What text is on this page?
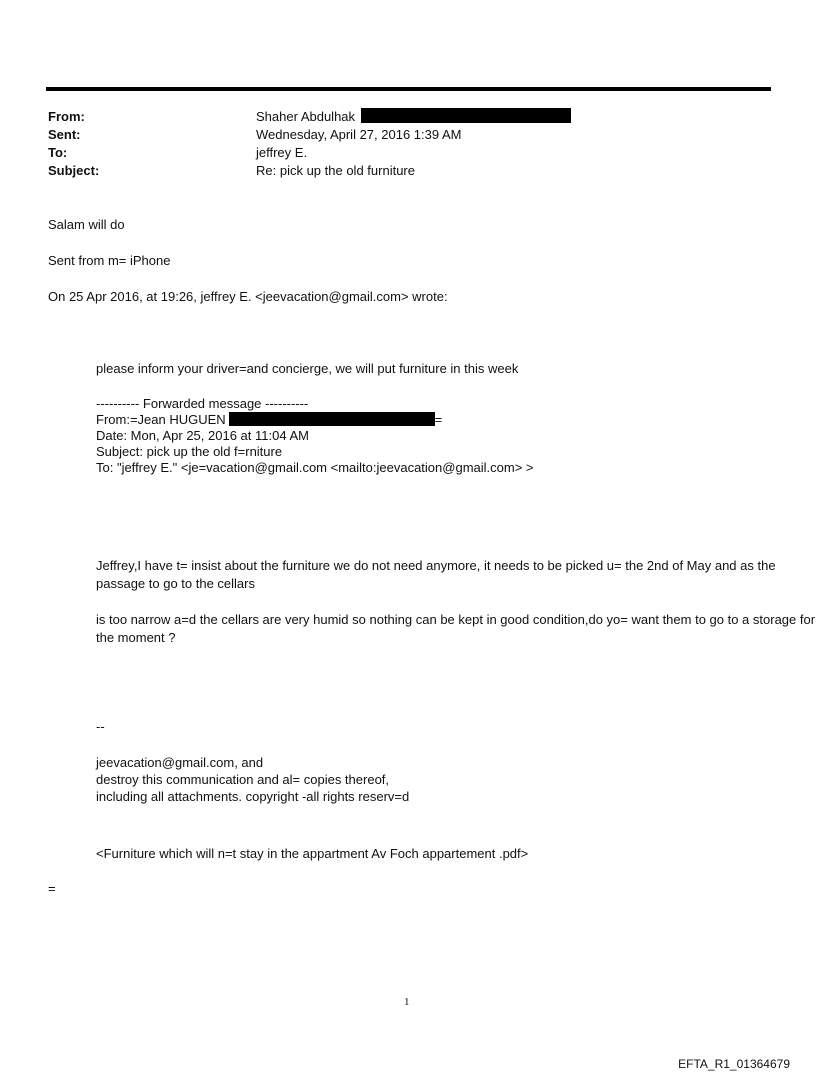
From:	Shaher Abdulhak
Sent:	Wednesday, April 27, 2016 1:39 AM
To:	jeffrey E.
Subject:	Re: pick up the old furniture
Salam will do
Sent from m= iPhone
On 25 Apr 2016, at 19:26, jeffrey E. <jeevacation@gmail.com> wrote:
please inform your driver=and concierge, we will put furniture in this week
---------- Forwarded message ----------
From:=Jean HUGUEN	=
Date: Mon, Apr 25, 2016 at 11:04 AM
Subject: pick up the old f=rniture
To: "jeffrey E." <je=vacation@gmail.com <mailto:jeevacation@gmail.com> >
Jeffrey,I have t= insist about the furniture we do not need anymore, it needs to be picked u= the 2nd of May and as the passage to go to the cellars
is too narrow a=d the cellars are very humid so nothing can be kept in good condition,do yo= want them to go to a storage for the moment ?
--
jeevacation@gmail.com, and
destroy this communication and al= copies thereof,
including all attachments. copyright -all rights reserv=d
<Furniture which will n=t stay in the appartment Av Foch appartement .pdf>
=
1
EFTA_R1_01364679
